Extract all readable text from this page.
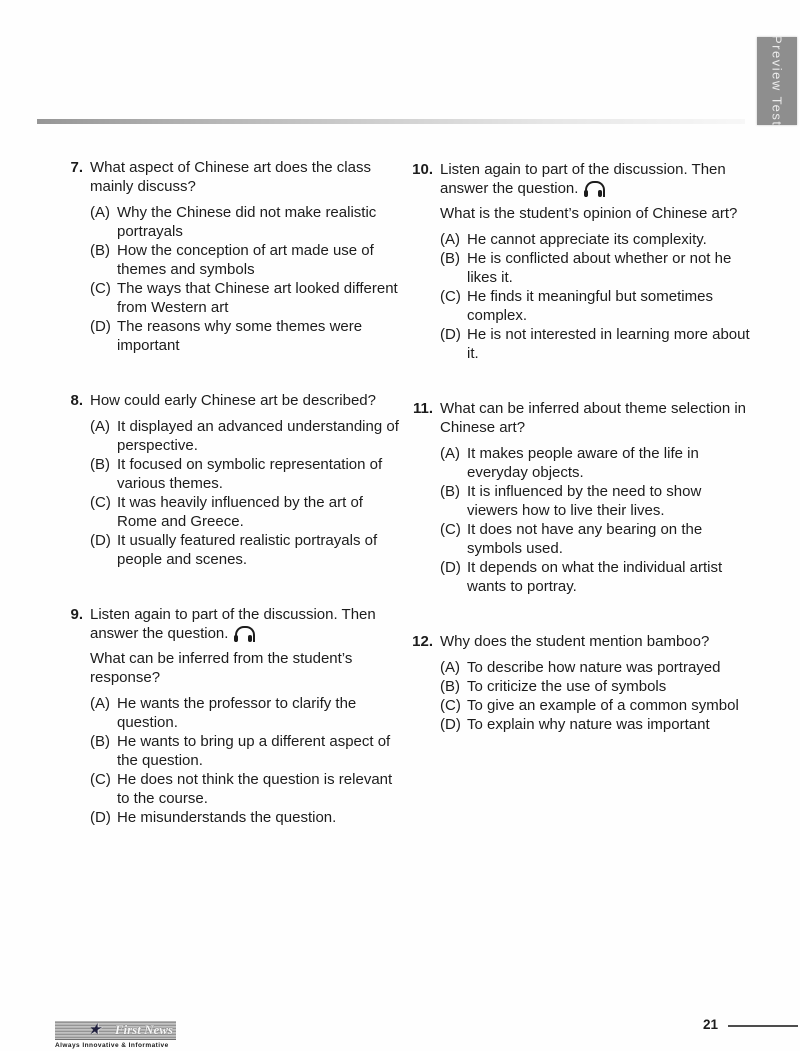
Preview Test
7. What aspect of Chinese art does the class mainly discuss?
(A) Why the Chinese did not make realistic portrayals
(B) How the conception of art made use of themes and symbols
(C) The ways that Chinese art looked different from Western art
(D) The reasons why some themes were important
8. How could early Chinese art be described?
(A) It displayed an advanced understanding of perspective.
(B) It focused on symbolic representation of various themes.
(C) It was heavily influenced by the art of Rome and Greece.
(D) It usually featured realistic portrayals of people and scenes.
9. Listen again to part of the discussion. Then answer the question.
What can be inferred from the student’s response?
(A) He wants the professor to clarify the question.
(B) He wants to bring up a different aspect of the question.
(C) He does not think the question is relevant to the course.
(D) He misunderstands the question.
10. Listen again to part of the discussion. Then answer the question.
What is the student’s opinion of Chinese art?
(A) He cannot appreciate its complexity.
(B) He is conflicted about whether or not he likes it.
(C) He finds it meaningful but sometimes complex.
(D) He is not interested in learning more about it.
11. What can be inferred about theme selection in Chinese art?
(A) It makes people aware of the life in everyday objects.
(B) It is influenced by the need to show viewers how to live their lives.
(C) It does not have any bearing on the symbols used.
(D) It depends on what the individual artist wants to portray.
12. Why does the student mention bamboo?
(A) To describe how nature was portrayed
(B) To criticize the use of symbols
(C) To give an example of a common symbol
(D) To explain why nature was important
★ First News
Always Innovative & Informative
21
